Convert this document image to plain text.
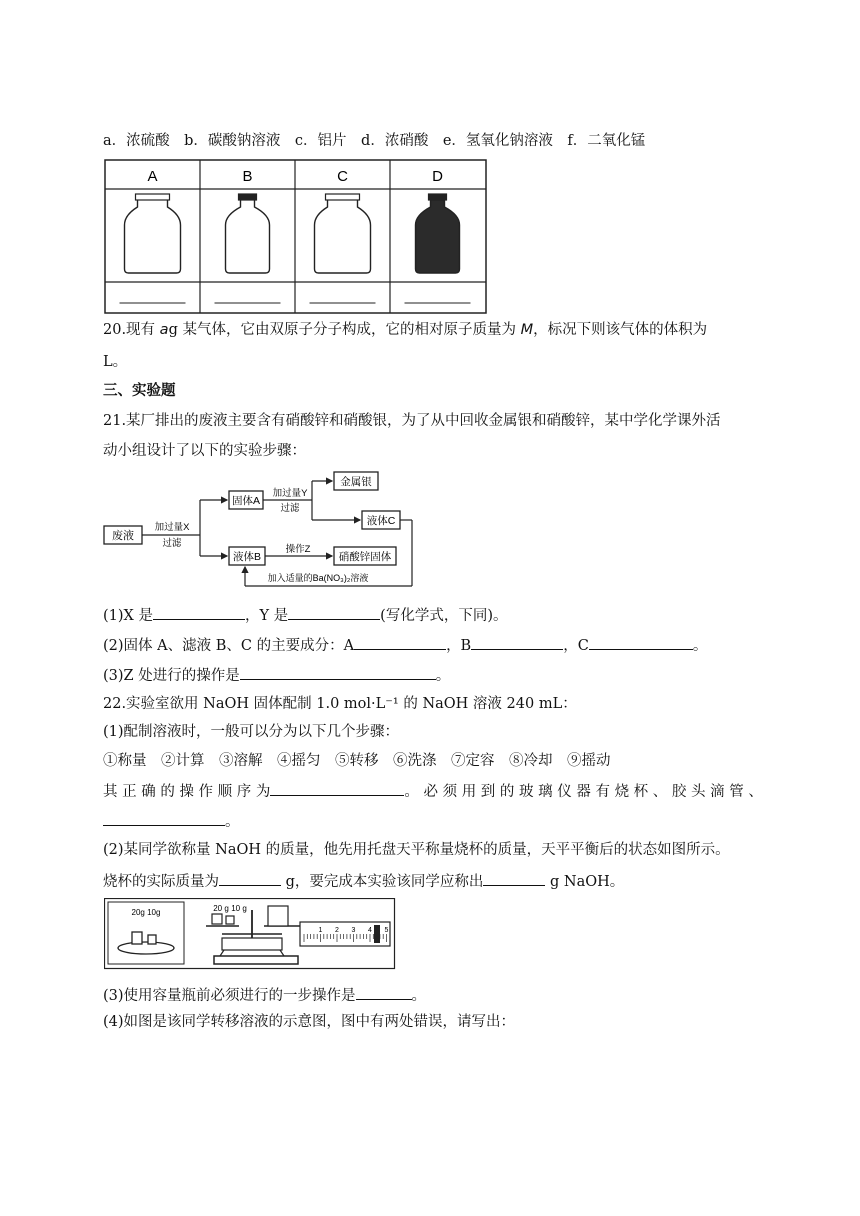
a．浓硫酸　b．碳酸钠溶液　c．铝片　d．浓硝酸　e．氢氧化钠溶液　f．二氧化锰
A	B	C	D
20.现有 ag 某气体，它由双原子分子构成，它的相对原子质量为 M，标况下则该气体的体积为
L。
三、实验题
21.某厂排出的废液主要含有硝酸锌和硝酸银，为了从中回收金属银和硝酸锌，某中学化学课外活
动小组设计了以下的实验步骤：
废液
固体A
金属银
液体C
液体B	硝酸锌固体
加过量X
过滤
加过量Y
过滤
操作Z
加入适量的Ba(NO₃)₂溶液
(1)X 是	，Y 是	(写化学式，下同)。
(2)固体 A、滤液 B、C 的主要成分：A	，B	，C	。
(3)Z 处进行的操作是	。
22.实验室欲用 NaOH 固体配制 1.0 mol·L⁻¹ 的 NaOH 溶液 240 mL：
(1)配制溶液时，一般可以分为以下几个步骤：
①称量　②计算　③溶解　④摇匀　⑤转移　⑥洗涤　⑦定容　⑧冷却　⑨摇动
其 正 确 的 操 作 顺 序 为	。 必 须 用 到 的 玻 璃 仪 器 有 烧 杯 、 胶 头 滴 管 、
。
(2)某同学欲称量 NaOH 的质量，他先用托盘天平称量烧杯的质量，天平平衡后的状态如图所示。
烧杯的实际质量为	g，要完成本实验该同学应称出	g NaOH。
20g 10g	20 g 10 g
1 2 3 4 5
(3)使用容量瓶前必须进行的一步操作是	。
(4)如图是该同学转移溶液的示意图，图中有两处错误，请写出：
